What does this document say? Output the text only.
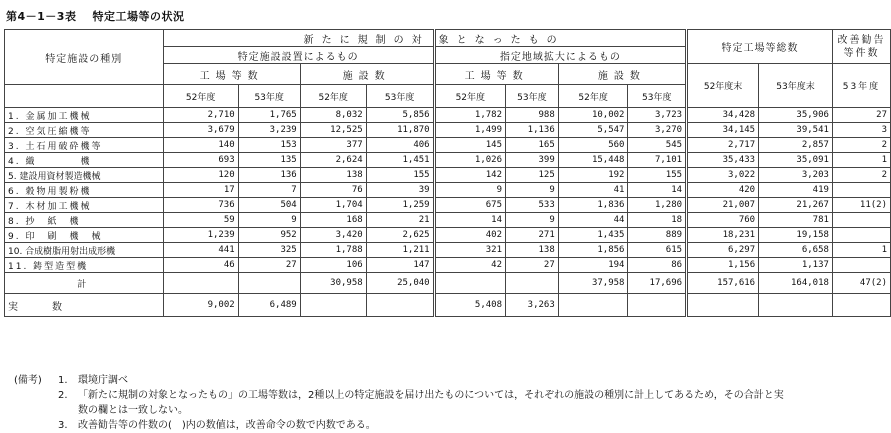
第4－1－3表 特定工場等の状況
特定施設の種別	新たに規制の対				象となったもの				特定工場等総数		改善勧告等件数
	特定施設設置によるもの				指定地域拡大によるもの						
	工場等数		施設数		工場等数		施設数		52年度末	53年度末	53年度
	52年度	53年度	52年度	53年度	52年度	53年度	52年度	53年度			
1. 金属加工機械	2,710	1,765	8,032	5,856	1,782	988	10,002	3,723	34,428	35,906	27
2. 空気圧縮機等	3,679	3,239	12,525	11,870	1,499	1,136	5,547	3,270	34,145	39,541	3
3. 土石用破砕機等	140	153	377	406	145	165	560	545	2,717	2,857	2
4. 織　　　　機	693	135	2,624	1,451	1,026	399	15,448	7,101	35,433	35,091	1
5. 建設用資材製造機械	120	136	138	155	142	125	192	155	3,022	3,203	2
6. 穀物用製粉機	17	7	76	39	9	9	41	14	420	419	
7. 木材加工機械	736	504	1,704	1,259	675	533	1,836	1,280	21,007	21,267	11(2)
8. 抄　紙　機	59	9	168	21	14	9	44	18	760	781	
9. 印　刷　機　械	1,239	952	3,420	2,625	402	271	1,435	889	18,231	19,158	
10. 合成樹脂用射出成形機	441	325	1,788	1,211	321	138	1,856	615	6,297	6,658	1
11. 鋳型造型機	46	27	106	147	42	27	194	86	1,156	1,137	
計			30,958	25,040			37,958	17,696	157,616	164,018	47(2)
実　　　数	9,002	6,489			5,408	3,263					
(備考)	1.	環境庁調べ
2.	「新たに規制の対象となったもの」の工場等数は，2種以上の特定施設を届け出たものについては，それぞれの施設の種別に計上してあるため，その合計と実
数の欄とは一致しない。
3.	改善勧告等の件数の(　)内の数値は，改善命令の数で内数である。
